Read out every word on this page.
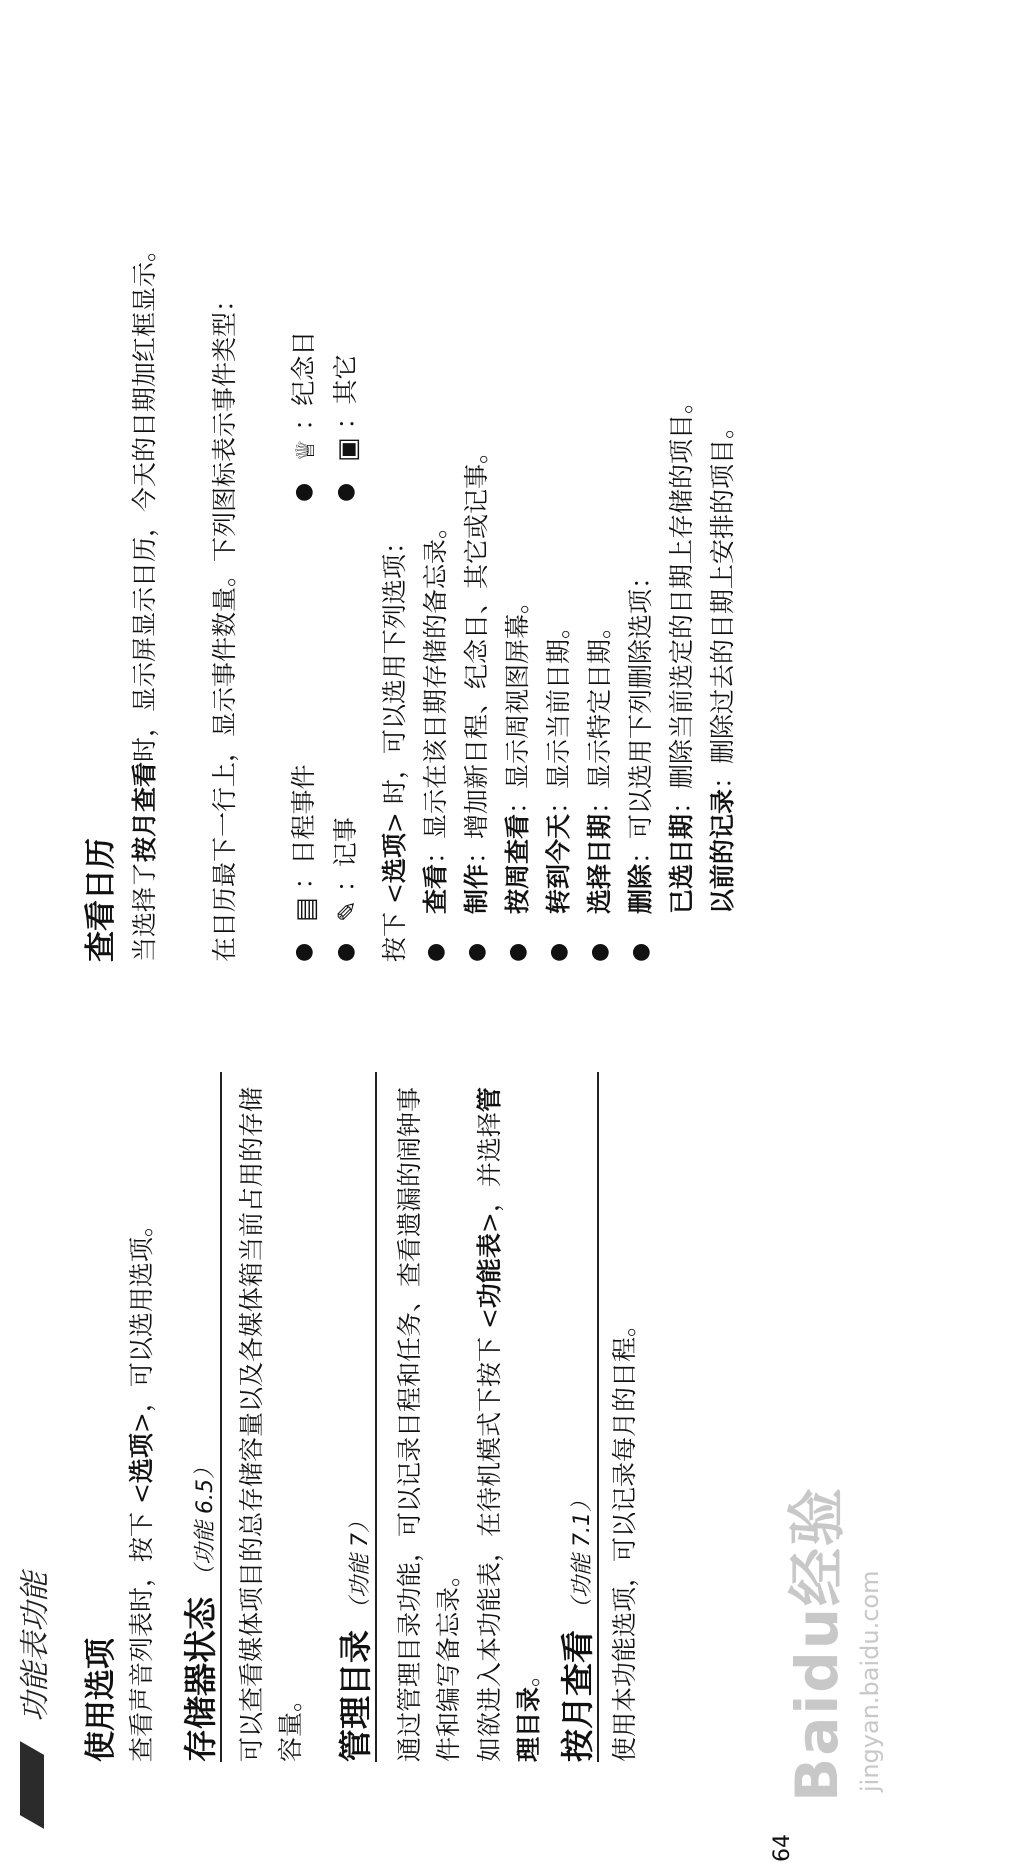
功能表功能 使用选项 查看声音列表时，按下 <选项>，可以选用选项。
存储器状态（功能 6.5） 可以查看媒体项目的总存储容量以及各媒体箱当前占用的存储容量。 管理目录（功能 7） 通过管理目录功能，可以记录日程和任务、查看遗漏的闹钟事件和编写备忘录。 如欲进入本功能表，在待机模式下按下 <功能表>，并选择管理目录。 按月查看（功能 7.1） 使用本功能选项，可以记录每月的日程。
64
Baidu经验 jingyan.baidu.com
查看日历 当选择了按月查看时，显示屏显示日历，今天的日期加红框显示。 在日历最下一行上，显示事件数量。下列图标表示事件类型：	●
▤ ：日程事件
●
♕ ：纪念日
●
✎ ：记事
●
▣ ：其它
按下 <选项> 时，可以选用下列选项：
●
查看：显示在该日期存储的备忘录。
●
制作：增加新日程、纪念日、其它或记事。
●
按周查看：显示周视图屏幕。
●
转到今天：显示当前日期。
●
选择日期：显示特定日期。
●
删除：可以选用下列删除选项：
已选日期：删除当前选定的日期上存储的项目。
以前的记录：删除过去的日期上安排的项目。
